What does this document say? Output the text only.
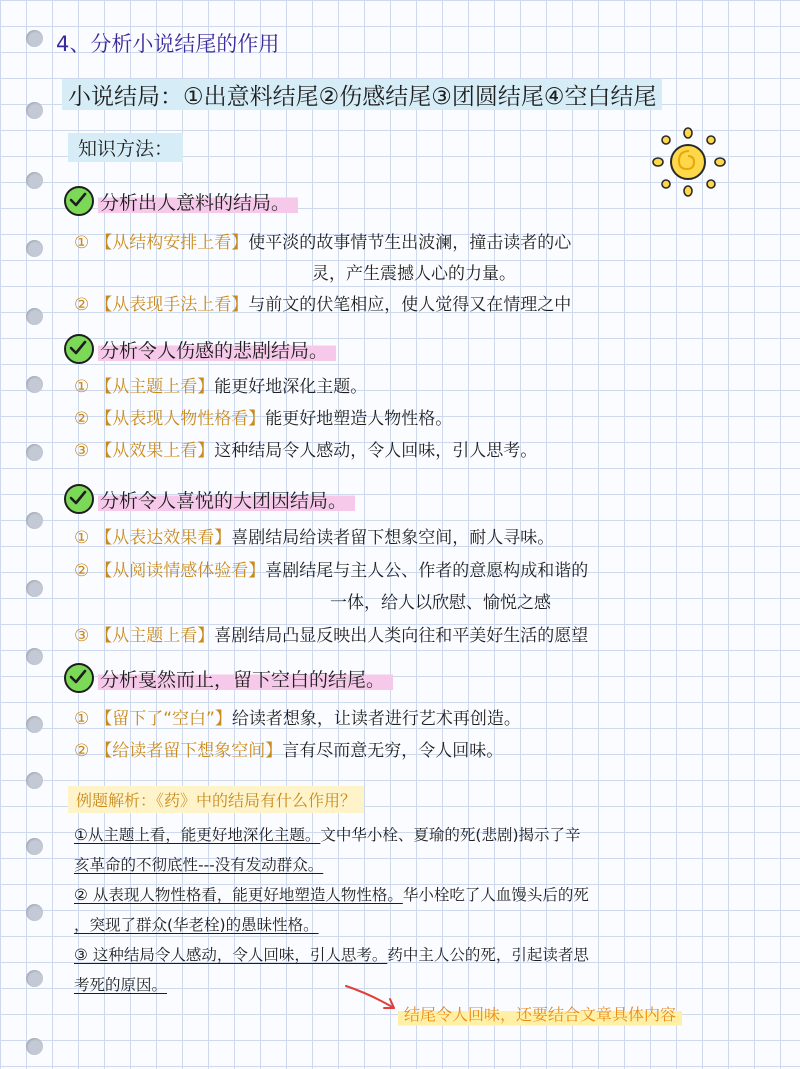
4、分析小说结尾的作用
小说结局：①出意料结尾②伤感结尾③团圆结尾④空白结尾
知识方法：
分析出人意料的结局。
① 【从结构安排上看】使平淡的故事情节生出波澜，撞击读者的心
灵，产生震撼人心的力量。
② 【从表现手法上看】与前文的伏笔相应，使人觉得又在情理之中
分析令人伤感的悲剧结局。
① 【从主题上看】能更好地深化主题。
② 【从表现人物性格看】能更好地塑造人物性格。
③ 【从效果上看】这种结局令人感动，令人回味，引人思考。
分析令人喜悦的大团因结局。
① 【从表达效果看】喜剧结局给读者留下想象空间，耐人寻味。
② 【从阅读情感体验看】喜剧结尾与主人公、作者的意愿构成和谐的
一体，给人以欣慰、愉悦之感
③ 【从主题上看】喜剧结局凸显反映出人类向往和平美好生活的愿望
分析戛然而止，留下空白的结尾。
① 【留下了“空白”】给读者想象，让读者进行艺术再创造。
② 【给读者留下想象空间】言有尽而意无穷，令人回味。
例题解析：《药》中的结局有什么作用？
①从主题上看，能更好地深化主题。文中华小栓、夏瑜的死(悲剧)揭示了辛
亥革命的不彻底性---没有发动群众。
② 从表现人物性格看，能更好地塑造人物性格。华小栓吃了人血馒头后的死
，突现了群众(华老栓)的愚昧性格。
③ 这种结局令人感动，令人回味，引人思考。药中主人公的死，引起读者思
考死的原因。
结尾令人回味，还要结合文章具体内容
